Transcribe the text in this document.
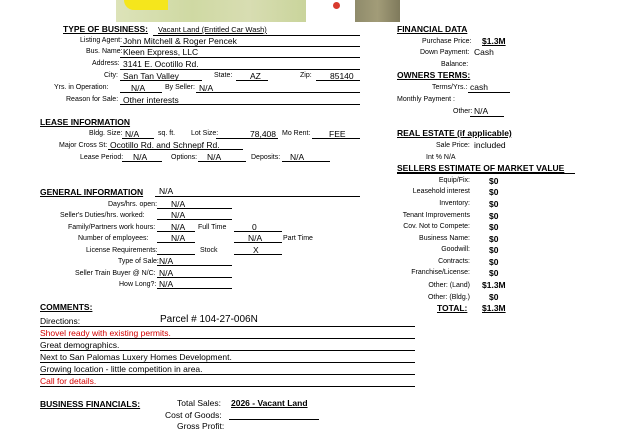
TYPE OF BUSINESS: Vacant Land (Entitled Car Wash)
Listing Agent: John Mitchell & Roger Pencek
Bus. Name: Kleen Express, LLC
Address: 3141 E. Ocotillo Rd.
City: San Tan Valley	State: AZ	Zip: 85140
Yrs. in Operation:	N/A	By Seller: N/A
Reason for Sale: Other interests
FINANCIAL DATA
Purchase Price: $1.3M
Down Payment: Cash
Balance:
OWNERS TERMS:
Terms/Yrs.: cash
Monthly Payment :
Other: N/A
LEASE INFORMATION
Bldg. Size: N/A	sq. ft. Lot Size:	78,408 Mo Rent: FEE
Major Cross St: Ocotillo Rd. and Schnepf Rd.
Lease Period: N/A	Options: N/A	Deposits: N/A
REAL ESTATE (if applicable)
Sale Price: included
Int % N/A
SELLERS ESTIMATE OF MARKET VALUE
Equip/Fix: $0
Leasehold interest $0
Inventory: $0
Tenant Improvements $0
Cov. Not to Compete: $0
Business Name: $0
Goodwill: $0
Contracts: $0
Franchise/License: $0
Other: (Land) $1.3M
Other: (Bldg.) $0
TOTAL: $1.3M
GENERAL INFORMATION N/A
Days/hrs. open: N/A
Seller's Duties/hrs. worked:	N/A
Family/Partners work hours: N/A Full Time	0
Number of employees:	N/A	N/A	Part Time
License Requirements:	Stock	X
Type of Sale: N/A
Seller Train Buyer @ N/C: N/A
How Long?: N/A
COMMENTS:
Directions:	Parcel # 104-27-006N
Shovel ready with existing permits.
Great demographics.
Next to San Palomas Luxery Homes Development.
Growing location - little competition in area.
Call for details.
BUSINESS FINANCIALS:	Total Sales: 2026 - Vacant Land
Cost of Goods:
Gross Profit:
